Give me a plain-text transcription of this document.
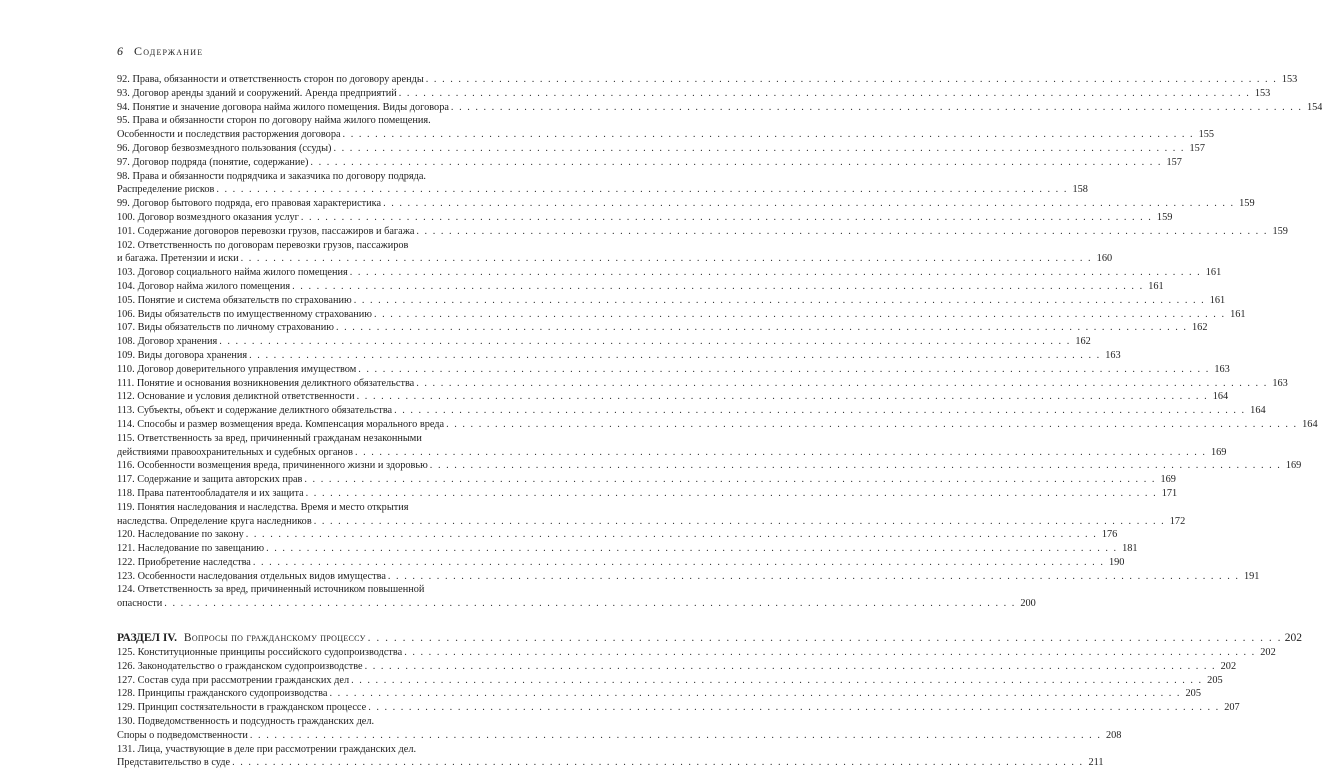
6 Содержание
92. Права, обязанности и ответственность сторон по договору аренды . . .	153
93. Договор аренды зданий и сооружений. Аренда предприятий . . .	153
94. Понятие и значение договора найма жилого помещения. Виды договора . . .	154
95. Права и обязанности сторон по договору найма жилого помещения.
Особенности и последствия расторжения договора . . .	155
96. Договор безвозмездного пользования (ссуды) . . .	157
97. Договор подряда (понятие, содержание) . . .	157
98. Права и обязанности подрядчика и заказчика по договору подряда.
Распределение рисков . . .	158
99. Договор бытового подряда, его правовая характеристика . . .	159
100. Договор возмездного оказания услуг . . .	159
101. Содержание договоров перевозки грузов, пассажиров и багажа . . .	159
102. Ответственность по договорам перевозки грузов, пассажиров
и багажа. Претензии и иски . . .	160
103. Договор социального найма жилого помещения . . .	161
104. Договор найма жилого помещения . . .	161
105. Понятие и система обязательств по страхованию . . .	161
106. Виды обязательств по имущественному страхованию . . .	161
107. Виды обязательств по личному страхованию . . .	162
108. Договор хранения . . .	162
109. Виды договора хранения . . .	163
110. Договор доверительного управления имуществом . . .	163
111. Понятие и основания возникновения деликтного обязательства . . .	163
112. Основание и условия деликтной ответственности . . .	164
113. Субъекты, объект и содержание деликтного обязательства . . .	164
114. Способы и размер возмещения вреда. Компенсация морального вреда . . .	164
115. Ответственность за вред, причиненный гражданам незаконными
действиями правоохранительных и судебных органов . . .	169
116. Особенности возмещения вреда, причиненного жизни и здоровью . . .	169
117. Содержание и защита авторских прав . . .	169
118. Права патентообладателя и их защита . . .	171
119. Понятия наследования и наследства. Время и место открытия
наследства. Определение круга наследников . . .	172
120. Наследование по закону . . .	176
121. Наследование по завещанию . . .	181
122. Приобретение наследства . . .	190
123. Особенности наследования отдельных видов имущества . . .	191
124. Ответственность за вред, причиненный источником повышенной
опасности . . .	200
РАЗДЕЛ IV. Вопросы по гражданскому процессу . . .	202
125. Конституционные принципы российского судопроизводства . . .	202
126. Законодательство о гражданском судопроизводстве . . .	202
127. Состав суда при рассмотрении гражданских дел . . .	205
128. Принципы гражданского судопроизводства . . .	205
129. Принцип состязательности в гражданском процессе . . .	207
130. Подведомственность и подсудность гражданских дел.
Споры о подведомственности . . .	208
131. Лица, участвующие в деле при рассмотрении гражданских дел.
Представительство в суде . . .	211
